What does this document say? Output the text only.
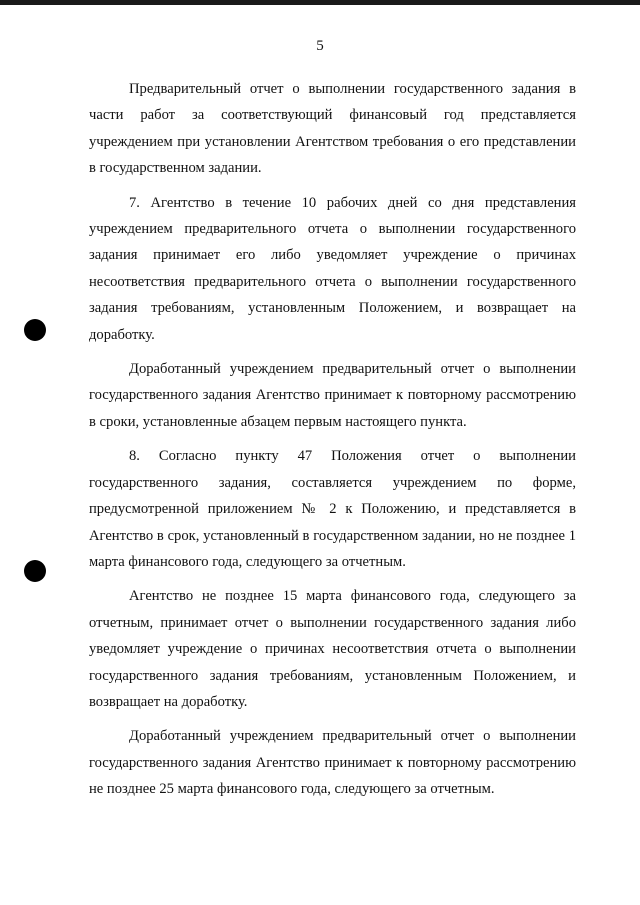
5

Предварительный отчет о выполнении государственного задания в части работ за соответствующий финансовый год представляется учреждением при установлении Агентством требования о его представлении в государственном задании.

7. Агентство в течение 10 рабочих дней со дня представления учреждением предварительного отчета о выполнении государственного задания принимает его либо уведомляет учреждение о причинах несоответствия предварительного отчета о выполнении государственного задания требованиям, установленным Положением, и возвращает на доработку.

Доработанный учреждением предварительный отчет о выполнении государственного задания Агентство принимает к повторному рассмотрению в сроки, установленные абзацем первым настоящего пункта.

8. Согласно пункту 47 Положения отчет о выполнении государственного задания, составляется учреждением по форме, предусмотренной приложением № 2 к Положению, и представляется в Агентство в срок, установленный в государственном задании, но не позднее 1 марта финансового года, следующего за отчетным.

Агентство не позднее 15 марта финансового года, следующего за отчетным, принимает отчет о выполнении государственного задания либо уведомляет учреждение о причинах несоответствия отчета о выполнении государственного задания требованиям, установленным Положением, и возвращает на доработку.

Доработанный учреждением предварительный отчет о выполнении государственного задания Агентство принимает к повторному рассмотрению не позднее 25 марта финансового года, следующего за отчетным.
